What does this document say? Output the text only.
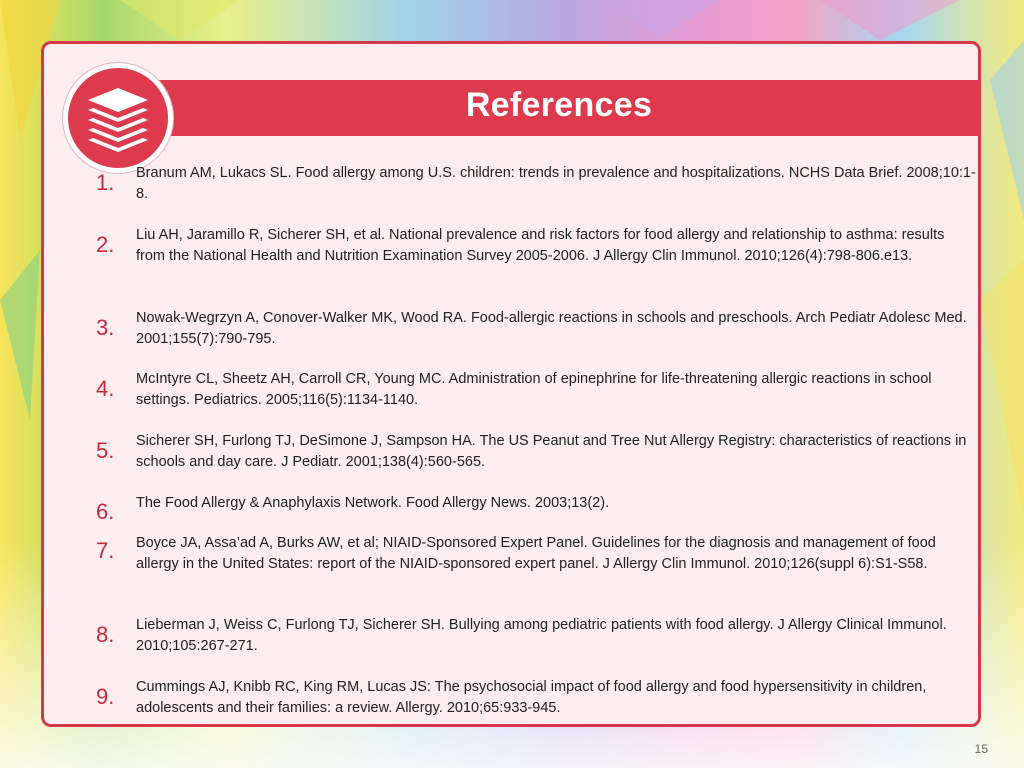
References
1.	Branum AM, Lukacs SL. Food allergy among U.S. children: trends in prevalence and hospitalizations. NCHS Data Brief. 2008;10:1-8.
2.	Liu AH, Jaramillo R, Sicherer SH, et al. National prevalence and risk factors for food allergy and relationship to asthma: results from the National Health and Nutrition Examination Survey 2005-2006. J Allergy Clin Immunol. 2010;126(4):798-806.e13.
3.	Nowak-Wegrzyn A, Conover-Walker MK, Wood RA. Food-allergic reactions in schools and preschools. Arch Pediatr Adolesc Med. 2001;155(7):790-795.
4.	McIntyre CL, Sheetz AH, Carroll CR, Young MC. Administration of epinephrine for life-threatening allergic reactions in school settings. Pediatrics. 2005;116(5):1134-1140.
5.	Sicherer SH, Furlong TJ, DeSimone J, Sampson HA. The US Peanut and Tree Nut Allergy Registry: characteristics of reactions in schools and day care. J Pediatr. 2001;138(4):560-565.
6.	The Food Allergy & Anaphylaxis Network. Food Allergy News. 2003;13(2).
7.	Boyce JA, Assa’ad A, Burks AW, et al; NIAID-Sponsored Expert Panel. Guidelines for the diagnosis and management of food allergy in the United States: report of the NIAID-sponsored expert panel. J Allergy Clin Immunol. 2010;126(suppl 6):S1-S58.
8.	Lieberman J, Weiss C, Furlong TJ, Sicherer SH. Bullying among pediatric patients with food allergy. J Allergy Clinical Immunol. 2010;105:267-271.
9.	Cummings AJ, Knibb RC, King RM, Lucas JS: The psychosocial impact of food allergy and food hypersensitivity in children, adolescents and their families: a review. Allergy. 2010;65:933-945.
15
